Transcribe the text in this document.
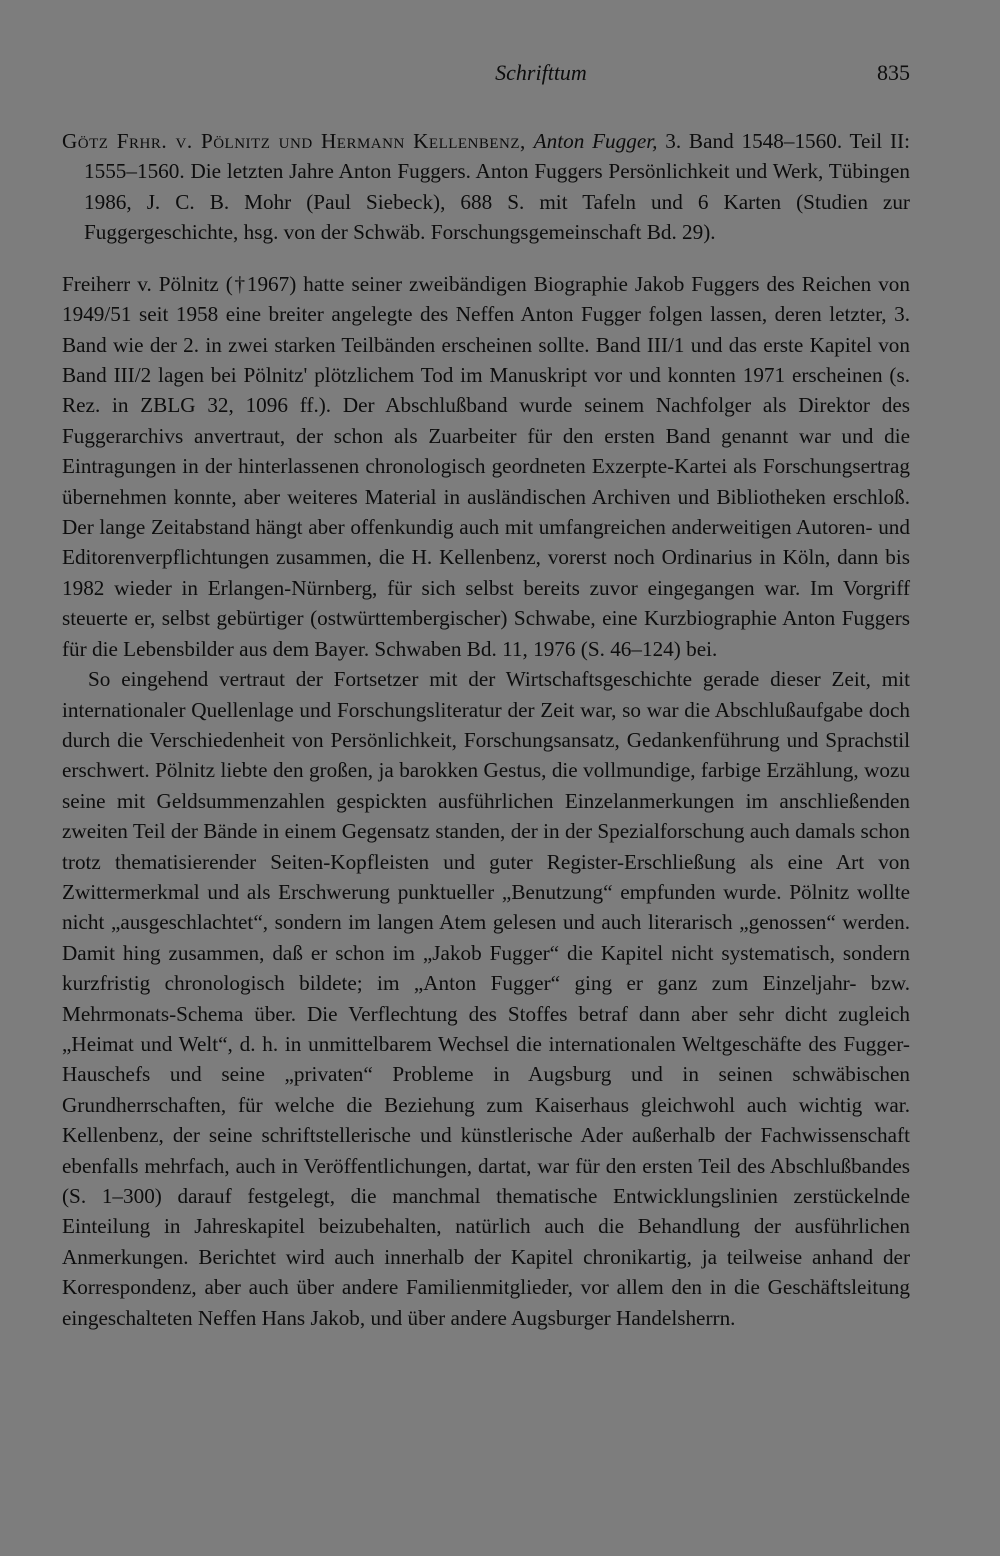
Schrifttum	835

Götz Frhr. v. Pölnitz und Hermann Kellenbenz, Anton Fugger, 3. Band 1548–1560. Teil II: 1555–1560. Die letzten Jahre Anton Fuggers. Anton Fuggers Persönlichkeit und Werk, Tübingen 1986, J. C. B. Mohr (Paul Siebeck), 688 S. mit Tafeln und 6 Karten (Studien zur Fuggergeschichte, hsg. von der Schwäb. Forschungsgemeinschaft Bd. 29).

Freiherr v. Pölnitz (†1967) hatte seiner zweibändigen Biographie Jakob Fuggers des Reichen von 1949/51 seit 1958 eine breiter angelegte des Neffen Anton Fugger folgen lassen, deren letzter, 3. Band wie der 2. in zwei starken Teilbänden erscheinen sollte. Band III/1 und das erste Kapitel von Band III/2 lagen bei Pölnitz' plötzlichem Tod im Manuskript vor und konnten 1971 erscheinen (s. Rez. in ZBLG 32, 1096 ff.). Der Abschlußband wurde seinem Nachfolger als Direktor des Fuggerarchivs anvertraut, der schon als Zuarbeiter für den ersten Band genannt war und die Eintragungen in der hinterlassenen chronologisch geordneten Exzerpte-Kartei als Forschungsertrag übernehmen konnte, aber weiteres Material in ausländischen Archiven und Bibliotheken erschloß. Der lange Zeitabstand hängt aber offenkundig auch mit umfangreichen anderweitigen Autoren- und Editorenverpflichtungen zusammen, die H. Kellenbenz, vorerst noch Ordinarius in Köln, dann bis 1982 wieder in Erlangen-Nürnberg, für sich selbst bereits zuvor eingegangen war. Im Vorgriff steuerte er, selbst gebürtiger (ostwürttembergischer) Schwabe, eine Kurzbiographie Anton Fuggers für die Lebensbilder aus dem Bayer. Schwaben Bd. 11, 1976 (S. 46–124) bei.

So eingehend vertraut der Fortsetzer mit der Wirtschaftsgeschichte gerade dieser Zeit, mit internationaler Quellenlage und Forschungsliteratur der Zeit war, so war die Abschlußaufgabe doch durch die Verschiedenheit von Persönlichkeit, Forschungsansatz, Gedankenführung und Sprachstil erschwert. Pölnitz liebte den großen, ja barokken Gestus, die vollmundige, farbige Erzählung, wozu seine mit Geldsummenzahlen gespickten ausführlichen Einzelanmerkungen im anschließenden zweiten Teil der Bände in einem Gegensatz standen, der in der Spezialforschung auch damals schon trotz thematisierender Seiten-Kopfleisten und guter Register-Erschließung als eine Art von Zwittermerkmal und als Erschwerung punktueller „Benutzung“ empfunden wurde. Pölnitz wollte nicht „ausgeschlachtet“, sondern im langen Atem gelesen und auch literarisch „genossen“ werden. Damit hing zusammen, daß er schon im „Jakob Fugger“ die Kapitel nicht systematisch, sondern kurzfristig chronologisch bildete; im „Anton Fugger“ ging er ganz zum Einzeljahr- bzw. Mehrmonats-Schema über. Die Verflechtung des Stoffes betraf dann aber sehr dicht zugleich „Heimat und Welt“, d. h. in unmittelbarem Wechsel die internationalen Weltgeschäfte des Fugger-Hauschefs und seine „privaten“ Probleme in Augsburg und in seinen schwäbischen Grundherrschaften, für welche die Beziehung zum Kaiserhaus gleichwohl auch wichtig war. Kellenbenz, der seine schriftstellerische und künstlerische Ader außerhalb der Fachwissenschaft ebenfalls mehrfach, auch in Veröffentlichungen, dartat, war für den ersten Teil des Abschlußbandes (S. 1–300) darauf festgelegt, die manchmal thematische Entwicklungslinien zerstückelnde Einteilung in Jahreskapitel beizubehalten, natürlich auch die Behandlung der ausführlichen Anmerkungen. Berichtet wird auch innerhalb der Kapitel chronikartig, ja teilweise anhand der Korrespondenz, aber auch über andere Familienmitglieder, vor allem den in die Geschäftsleitung eingeschalteten Neffen Hans Jakob, und über andere Augsburger Handelsherrn.
